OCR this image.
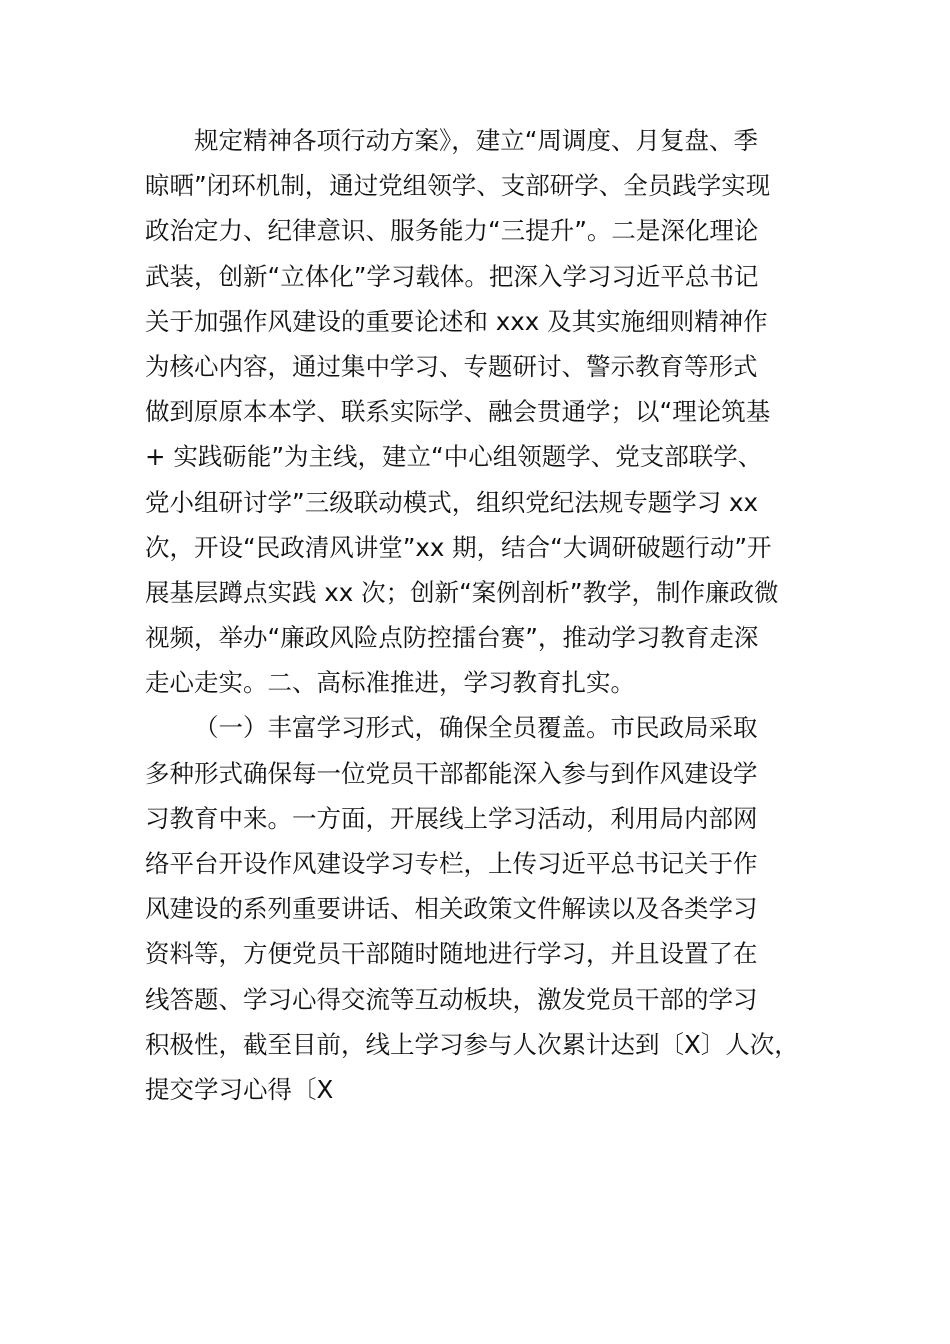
规定精神各项行动方案》，建立“周调度、月复盘、季
晾晒”闭环机制，通过党组领学、支部研学、全员践学实现
政治定力、纪律意识、服务能力“三提升”。二是深化理论
武装，创新“立体化”学习载体。把深入学习习近平总书记
关于加强作风建设的重要论述和 xxx 及其实施细则精神作
为核心内容，通过集中学习、专题研讨、警示教育等形式
做到原原本本学、联系实际学、融会贯通学；以“理论筑基
+ 实践砺能”为主线，建立“中心组领题学、党支部联学、
党小组研讨学”三级联动模式，组织党纪法规专题学习 xx
次，开设“民政清风讲堂”xx 期，结合“大调研破题行动”开
展基层蹲点实践 xx 次；创新“案例剖析”教学，制作廉政微
视频，举办“廉政风险点防控擂台赛”，推动学习教育走深
走心走实。二、高标准推进，学习教育扎实。
（一）丰富学习形式，确保全员覆盖。市民政局采取
多种形式确保每一位党员干部都能深入参与到作风建设学
习教育中来。一方面，开展线上学习活动，利用局内部网
络平台开设作风建设学习专栏，上传习近平总书记关于作
风建设的系列重要讲话、相关政策文件解读以及各类学习
资料等，方便党员干部随时随地进行学习，并且设置了在
线答题、学习心得交流等互动板块，激发党员干部的学习
积极性，截至目前，线上学习参与人次累计达到〔X〕人次，
提交学习心得〔X
